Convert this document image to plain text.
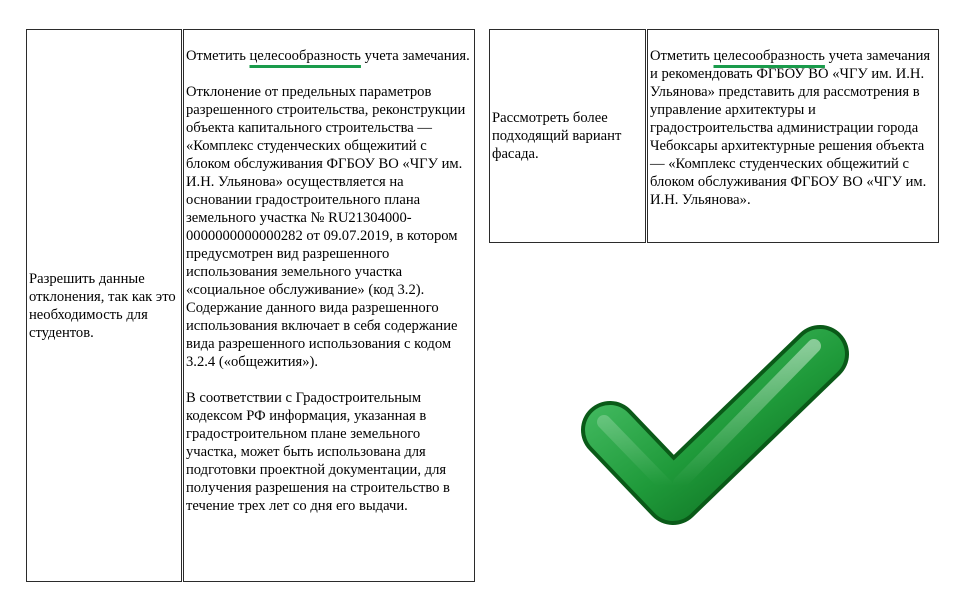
Разрешить данные отклонения, так как это необходимость для студентов.

Отметить целесообразность учета замечания.

Отклонение от предельных параметров разрешенного строительства, реконструкции объекта капитального строительства — «Комплекс студенческих общежитий с блоком обслуживания ФГБОУ ВО «ЧГУ им. И.Н. Ульянова» осуществляется на основании градостроительного плана земельного участка № RU21304000-0000000000000282 от 09.07.2019, в котором предусмотрен вид разрешенного использования земельного участка «социальное обслуживание» (код 3.2). Содержание данного вида разрешенного использования включает в себя содержание вида разрешенного использования с кодом 3.2.4 («общежития»).

В соответствии с Градостроительным кодексом РФ информация, указанная в градостроительном плане земельного участка, может быть использована для подготовки проектной документации, для получения разрешения на строительство в течение трех лет со дня его выдачи.

Рассмотреть более подходящий вариант фасада.

Отметить целесообразность учета замечания и рекомендовать ФГБОУ ВО «ЧГУ им. И.Н. Ульянова» представить для рассмотрения в управление архитектуры и градостроительства администрации города Чебоксары архитектурные решения объекта — «Комплекс студенческих общежитий с блоком обслуживания ФГБОУ ВО «ЧГУ им. И.Н. Ульянова».
